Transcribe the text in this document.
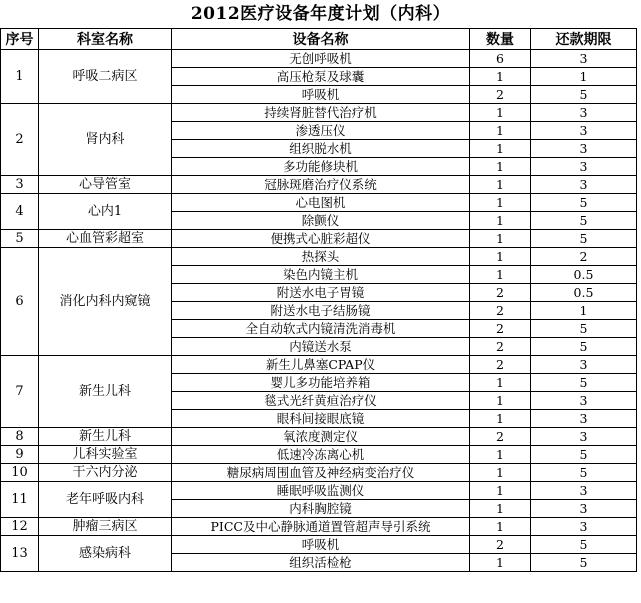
2012医疗设备年度计划（内科）
序号	科室名称	设备名称	数量	还款期限
1	呼吸二病区	无创呼吸机	6	3
		高压枪泵及球囊	1	1
		呼吸机	2	5
2	肾内科	持续肾脏替代治疗机	1	3
		渗透压仪	1	3
		组织脱水机	1	3
		多功能修块机	1	3
3	心导管室	冠脉斑磨治疗仪系统	1	3
4	心内1	心电图机	1	5
		除颤仪	1	5
5	心血管彩超室	便携式心脏彩超仪	1	5
6	消化内科内窥镜	热探头	1	2
		染色内镜主机	1	0.5
		附送水电子胃镜	2	0.5
		附送水电子结肠镜	2	1
		全自动软式内镜清洗消毒机	2	5
		内镜送水泵	2	5
7	新生儿科	新生儿鼻塞CPAP仪	2	3
		婴儿多功能培养箱	1	5
		毯式光纤黄疸治疗仪	1	3
		眼科间接眼底镜	1	3
8	新生儿科	氧浓度测定仪	2	3
9	儿科实验室	低速冷冻离心机	1	5
10	干六内分泌	糖尿病周围血管及神经病变治疗仪	1	5
11	老年呼吸内科	睡眠呼吸监测仪	1	3
		内科胸腔镜	1	3
12	肿瘤三病区	PICC及中心静脉通道置管超声导引系统	1	3
13	感染病科	呼吸机	2	5
		组织活检枪	1	5
